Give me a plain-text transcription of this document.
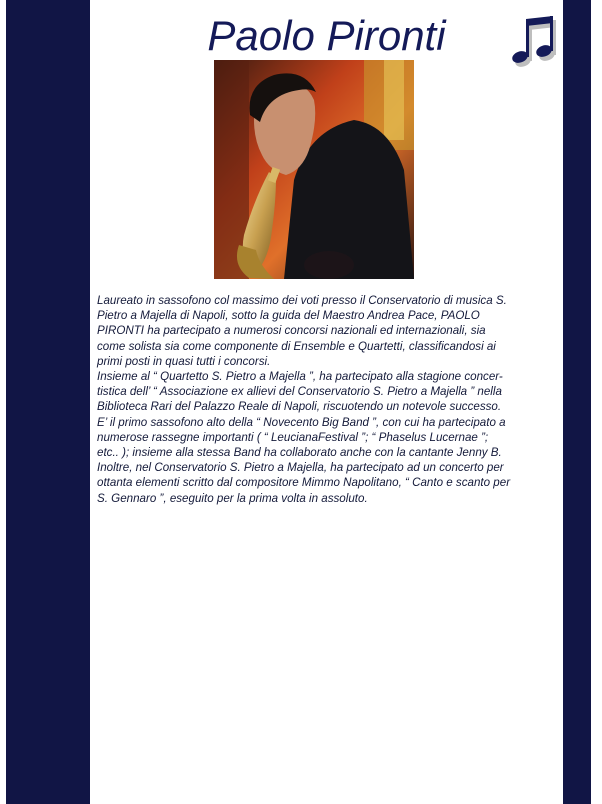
Paolo Pironti

Laureato in sassofono col massimo dei voti presso il Conservatorio di musica S.

Pietro a Majella di Napoli, sotto la guida del Maestro Andrea Pace, PAOLO

PIRONTI ha partecipato a numerosi concorsi nazionali ed internazionali, sia

come solista sia come componente di Ensemble e Quartetti, classificandosi ai

primi posti in quasi tutti i concorsi.

Insieme al “ Quartetto S. Pietro a Majella ”, ha partecipato alla stagione concer-

tistica dell’ “ Associazione ex allievi del Conservatorio S. Pietro a Majella ” nella

Biblioteca Rari del Palazzo Reale di Napoli, riscuotendo un notevole successo.

E’ il primo sassofono alto della “ Novecento Big Band ”, con cui ha partecipato a

numerose rassegne importanti ( “ LeucianaFestival ”; “ Phaselus Lucernae ”;

etc.. ); insieme alla stessa Band ha collaborato anche con la cantante Jenny B.

Inoltre, nel Conservatorio S. Pietro a Majella, ha partecipato ad un concerto per

ottanta elementi scritto dal compositore Mimmo Napolitano, “ Canto e scanto per

S. Gennaro ”, eseguito per la prima volta in assoluto.
